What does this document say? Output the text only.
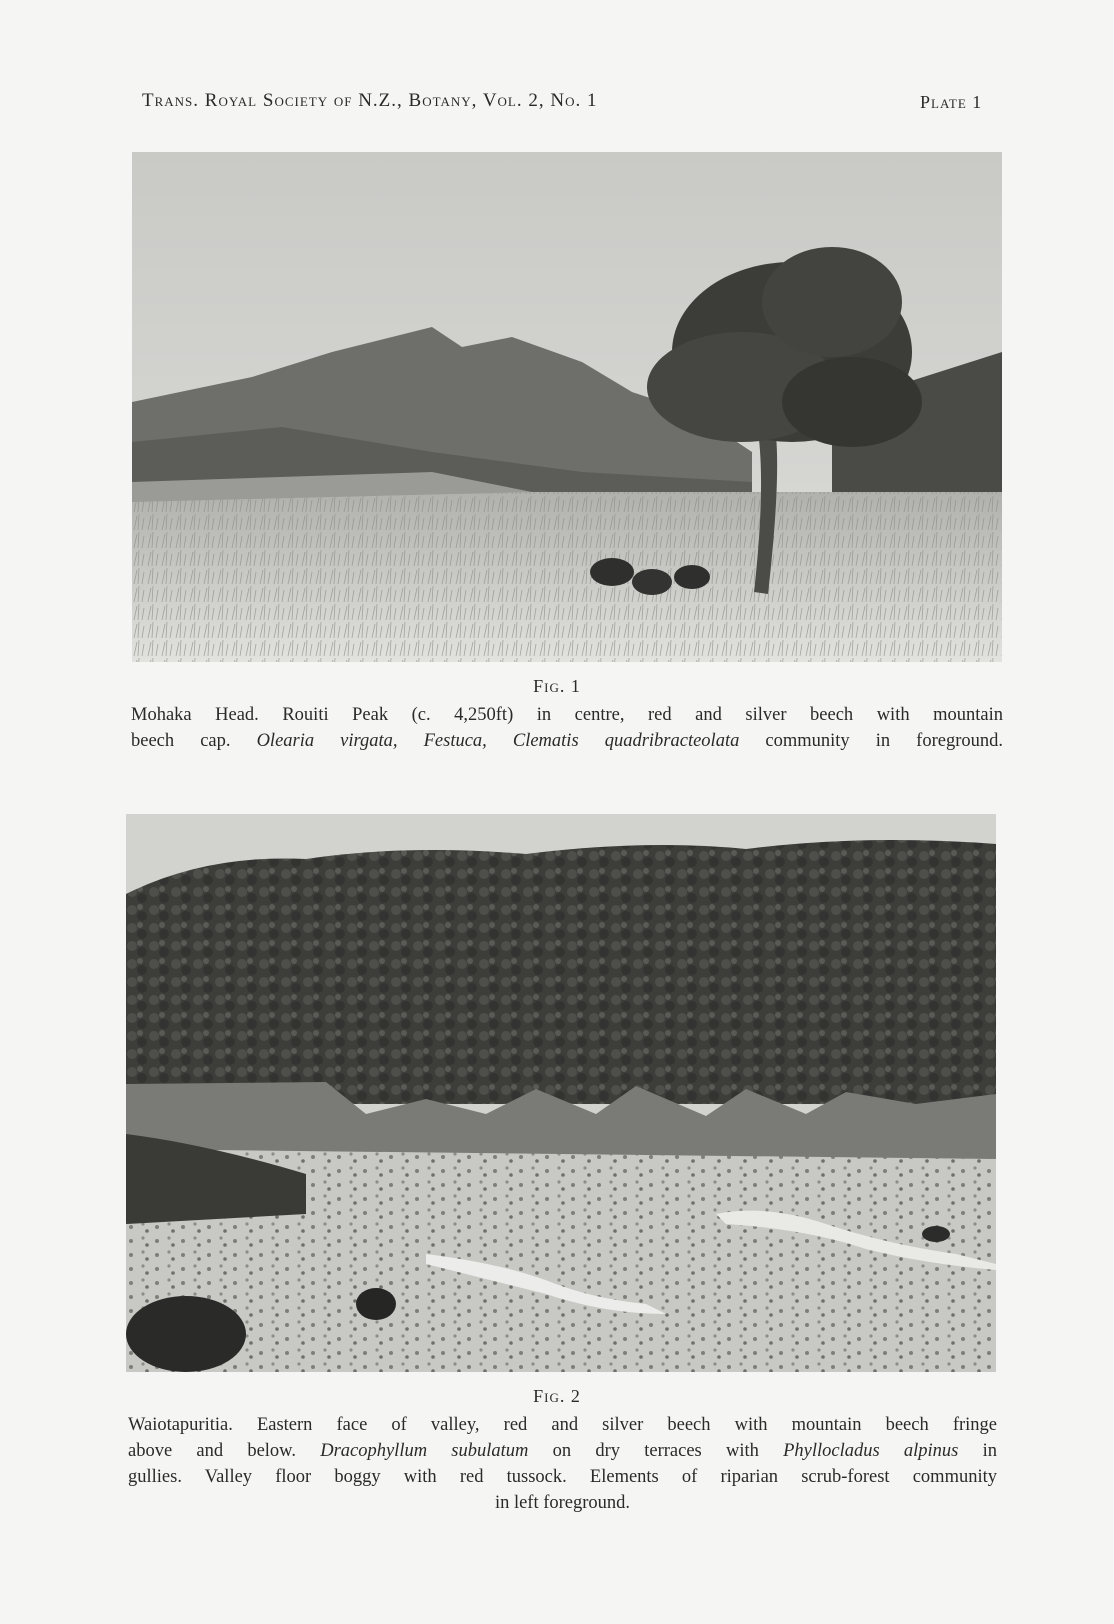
Trans. Royal Society of N.Z., Botany, Vol. 2, No. 1	Plate 1
Fig. 1
Mohaka Head. Rouiti Peak (c. 4,250ft) in centre, red and silver beech with mountain
beech cap. Olearia virgata, Festuca, Clematis quadribracteolata community in foreground.
Fig. 2
Waiotapuritia. Eastern face of valley, red and silver beech with mountain beech fringe
above and below. Dracophyllum subulatum on dry terraces with Phyllocladus alpinus in
gullies. Valley floor boggy with red tussock. Elements of riparian scrub-forest community
in left foreground.
